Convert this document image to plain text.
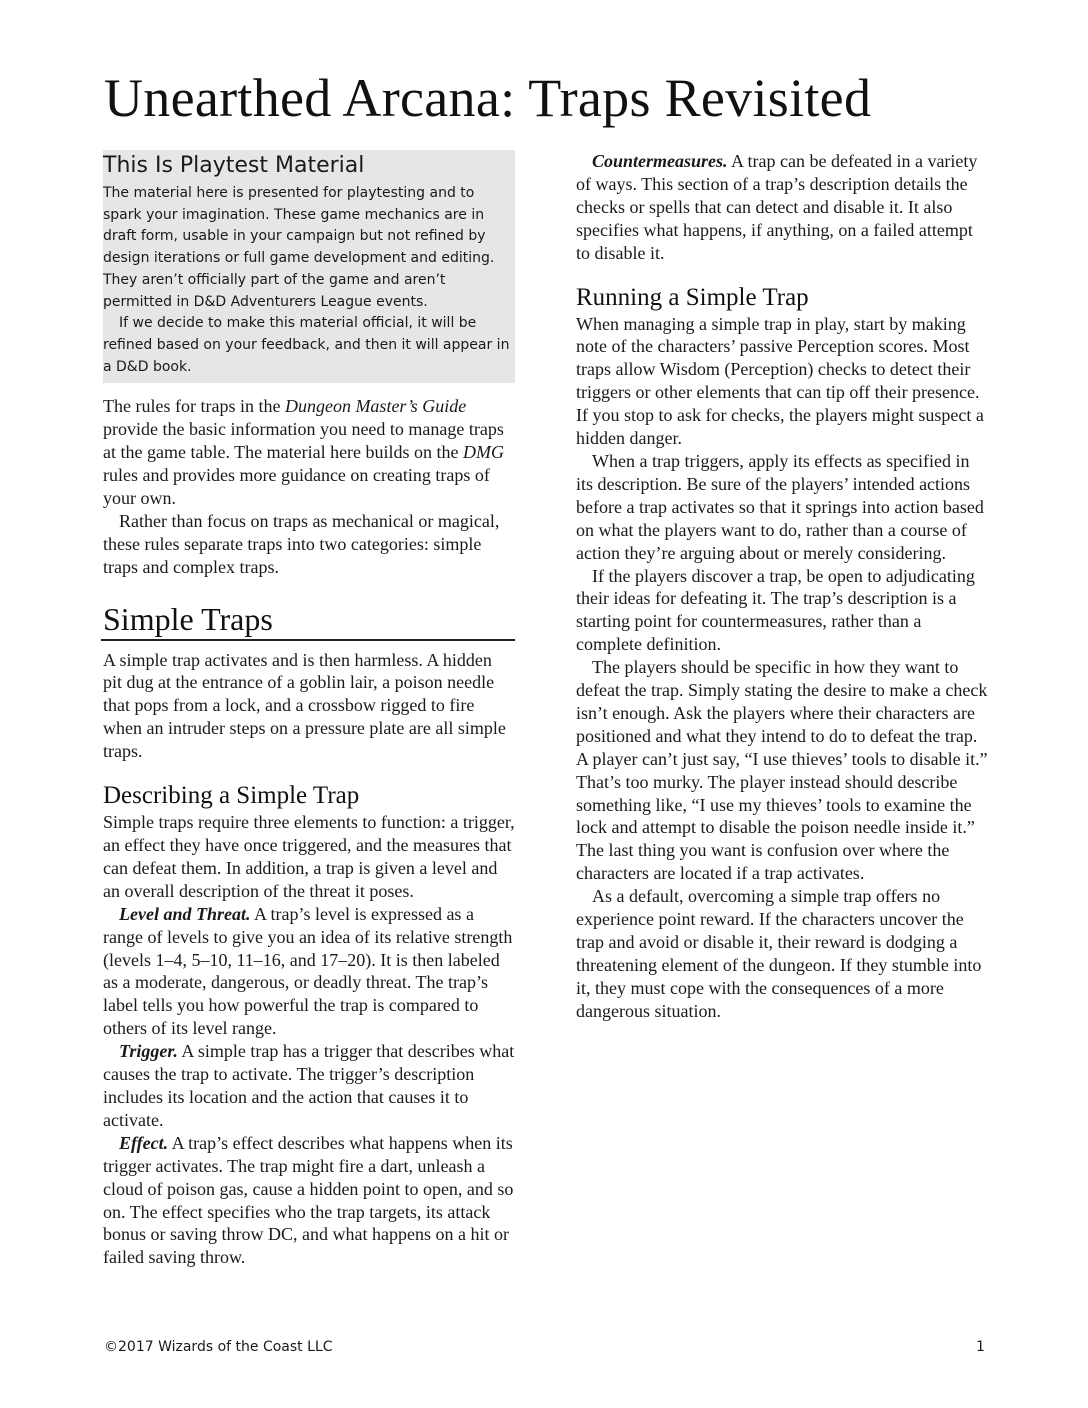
Unearthed Arcana: Traps Revisited
This Is Playtest Material

The material here is presented for playtesting and to spark your imagination. These game mechanics are in draft form, usable in your campaign but not refined by design iterations or full game development and editing. They aren’t officially part of the game and aren’t permitted in D&D Adventurers League events.

If we decide to make this material official, it will be refined based on your feedback, and then it will appear in a D&D book.

The rules for traps in the Dungeon Master’s Guide provide the basic information you need to manage traps at the game table. The material here builds on the DMG rules and provides more guidance on creating traps of your own.

Rather than focus on traps as mechanical or magical, these rules separate traps into two categories: simple traps and complex traps.

Simple Traps

A simple trap activates and is then harmless. A hidden pit dug at the entrance of a goblin lair, a poison needle that pops from a lock, and a crossbow rigged to fire when an intruder steps on a pressure plate are all simple traps.

Describing a Simple Trap

Simple traps require three elements to function: a trigger, an effect they have once triggered, and the measures that can defeat them. In addition, a trap is given a level and an overall description of the threat it poses.

Level and Threat. A trap’s level is expressed as a range of levels to give you an idea of its relative strength (levels 1–4, 5–10, 11–16, and 17–20). It is then labeled as a moderate, dangerous, or deadly threat. The trap’s label tells you how powerful the trap is compared to others of its level range.

Trigger. A simple trap has a trigger that describes what causes the trap to activate. The trigger’s description includes its location and the action that causes it to activate.

Effect. A trap’s effect describes what happens when its trigger activates. The trap might fire a dart, unleash a cloud of poison gas, cause a hidden point to open, and so on. The effect specifies who the trap targets, its attack bonus or saving throw DC, and what happens on a hit or failed saving throw.

Countermeasures. A trap can be defeated in a variety of ways. This section of a trap’s description details the checks or spells that can detect and disable it. It also specifies what happens, if anything, on a failed attempt to disable it.

Running a Simple Trap

When managing a simple trap in play, start by making note of the characters’ passive Perception scores. Most traps allow Wisdom (Perception) checks to detect their triggers or other elements that can tip off their presence. If you stop to ask for checks, the players might suspect a hidden danger.

When a trap triggers, apply its effects as specified in its description. Be sure of the players’ intended actions before a trap activates so that it springs into action based on what the players want to do, rather than a course of action they’re arguing about or merely considering.

If the players discover a trap, be open to adjudicating their ideas for defeating it. The trap’s description is a starting point for countermeasures, rather than a complete definition.

The players should be specific in how they want to defeat the trap. Simply stating the desire to make a check isn’t enough. Ask the players where their characters are positioned and what they intend to do to defeat the trap. A player can’t just say, “I use thieves’ tools to disable it.” That’s too murky. The player instead should describe something like, “I use my thieves’ tools to examine the lock and attempt to disable the poison needle inside it.” The last thing you want is confusion over where the characters are located if a trap activates.

As a default, overcoming a simple trap offers no experience point reward. If the characters uncover the trap and avoid or disable it, their reward is dodging a threatening element of the dungeon. If they stumble into it, they must cope with the consequences of a more dangerous situation.

©2017 Wizards of the Coast LLC	1
